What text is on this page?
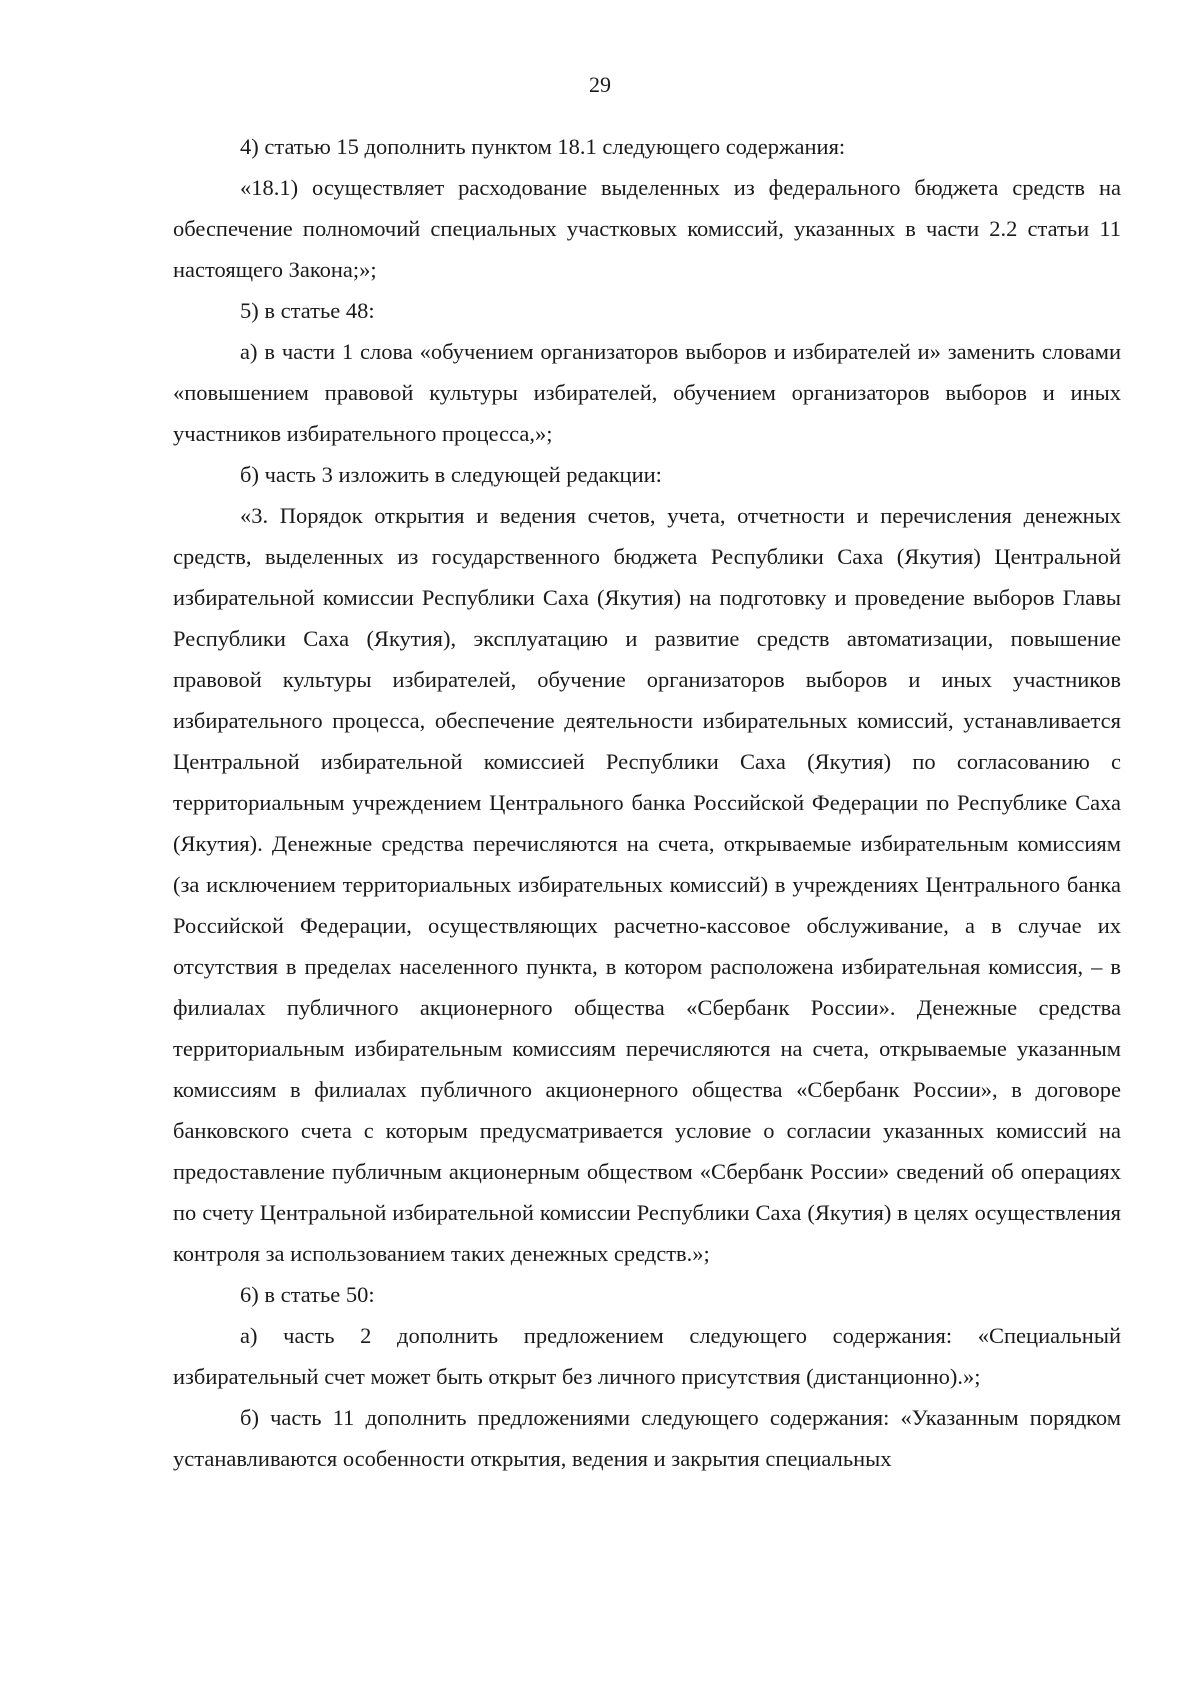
29

4) статью 15 дополнить пунктом 18.1 следующего содержания:

«18.1) осуществляет расходование выделенных из федерального бюджета средств на обеспечение полномочий специальных участковых комиссий, указанных в части 2.2 статьи 11 настоящего Закона;»;

5) в статье 48:

а) в части 1 слова «обучением организаторов выборов и избирателей и» заменить словами «повышением правовой культуры избирателей, обучением организаторов выборов и иных участников избирательного процесса,»;

б) часть 3 изложить в следующей редакции:

«3. Порядок открытия и ведения счетов, учета, отчетности и перечисления денежных средств, выделенных из государственного бюджета Республики Саха (Якутия) Центральной избирательной комиссии Республики Саха (Якутия) на подготовку и проведение выборов Главы Республики Саха (Якутия), эксплуатацию и развитие средств автоматизации, повышение правовой культуры избирателей, обучение организаторов выборов и иных участников избирательного процесса, обеспечение деятельности избирательных комиссий, устанавливается Центральной избирательной комиссией Республики Саха (Якутия) по согласованию с территориальным учреждением Центрального банка Российской Федерации по Республике Саха (Якутия). Денежные средства перечисляются на счета, открываемые избирательным комиссиям (за исключением территориальных избирательных комиссий) в учреждениях Центрального банка Российской Федерации, осуществляющих расчетно-кассовое обслуживание, а в случае их отсутствия в пределах населенного пункта, в котором расположена избирательная комиссия, – в филиалах публичного акционерного общества «Сбербанк России». Денежные средства территориальным избирательным комиссиям перечисляются на счета, открываемые указанным комиссиям в филиалах публичного акционерного общества «Сбербанк России», в договоре банковского счета с которым предусматривается условие о согласии указанных комиссий на предоставление публичным акционерным обществом «Сбербанк России» сведений об операциях по счету Центральной избирательной комиссии Республики Саха (Якутия) в целях осуществления контроля за использованием таких денежных средств.»;

6) в статье 50:

а) часть 2 дополнить предложением следующего содержания: «Специальный избирательный счет может быть открыт без личного присутствия (дистанционно).»;

б) часть 11 дополнить предложениями следующего содержания: «Указанным порядком устанавливаются особенности открытия, ведения и закрытия специальных
